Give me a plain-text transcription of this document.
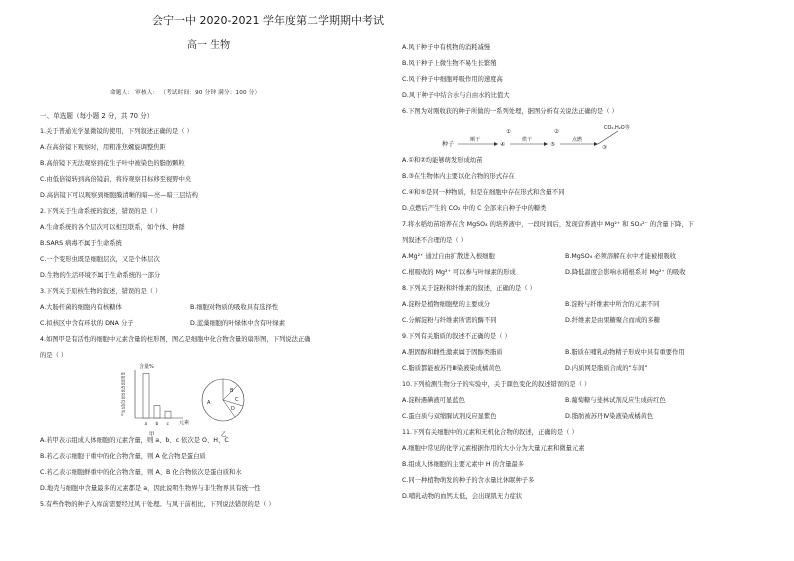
会宁一中 2020-2021 学年度第二学期期中考试
高一 生物
命题人： 审核人： （考试时间：90 分钟 满分：100 分）
一、单选题（每小题 2 分，共 70 分）
1.关于普通光学显微镜的使用，下列叙述正确的是（ ）
A.在高倍镜下观察时，用粗准焦螺旋调整焦距
B.高倍镜下无法观察到花生子叶中被染色的脂肪颗粒
C.由低倍镜转到高倍镜前，将待观察目标移至视野中央
D.高倍镜下可以观察到细胞膜清晰的暗—亮—暗三层结构
2.下列关于生命系统的叙述，错误的是（ ）
A.生命系统的各个层次可以相互联系，如个体、种群
B.SARS 病毒不属于生命系统
C.一个变形虫既是细胞层次，又是个体层次
D.生物的生活环境不属于生命系统的一部分
3.下列关于原核生物的叙述，错误的是（ ）
A.大肠杆菌的细胞内有核糖体	B.细胞对物质的吸收具有选择性
C.拟核区中含有环状的 DNA 分子	D.蓝藻细胞的叶绿体中含有叶绿素
4.如图甲是有活性的细胞中元素含量的柱形图，图乙是细胞中化合物含量的扇形图，下列说法正确
的是（ ）
A.若甲表示组成人体细胞的元素含量，则 a、b、c 依次是 O、H、C
B.若乙表示细胞干重中的化合物含量，则 A 化合物是蛋白质
C.若乙表示细胞鲜重中的化合物含量，则 A、B 化合物依次是蛋白质和水
D.地壳与细胞中含量最多的元素都是 a，因此说明生物界与非生物界具有统一性
5.有些作物的种子入库前需要经过风干处理。与风干前相比，下列说法错误的是（ ）
A.风干种子中有机物的消耗减慢
B.风干种子上微生物不易生长繁殖
C.风干种子中细胞呼吸作用的速度高
D.风干种子中结合水与自由水的比值大
6.下图为对刚收获的种子所做的一系列处理，据图分析有关说法正确的是（ ）
A.①和②均能够萌发形成幼苗
B.③在生物体内主要以化合物的形式存在
C.④和⑤是同一种物质，但是在细胞中存在形式和含量不同
D.点燃后产生的 CO₂ 中的 C 全部来自种子中的糖类
7.将水稻幼苗培养在含 MgSO₄ 的培养液中，一段时间后，发现营养液中 Mg²⁺ 和 SO₄²⁻ 的含量下降，下
列叙述不合理的是（ ）
A.Mg²⁺ 通过自由扩散进入根细胞	B.MgSO₄ 必须溶解在水中才能被根吸收
C.根吸收的 Mg²⁺ 可以参与叶绿素的形成	D.降低温度会影响水稻根系对 Mg²⁺ 的吸收
8.下列关于淀粉和纤维素的叙述，正确的是（ ）
A.淀粉是植物细胞壁的主要成分	B.淀粉与纤维素中所含的元素不同
C.分解淀粉与纤维素所需的酶不同	D.纤维素是由果糖聚合而成的多糖
9.下列有关脂质的叙述不正确的是（ ）
A.胆固醇和雌性激素属于固醇类脂质	B.脂质在哺乳动物精子形成中具有重要作用
C.脂质都能被苏丹Ⅲ染液染成橘黄色	D.内质网是脂质合成的“车间”
10.下列检测生物分子的实验中，关于颜色变化的叙述错误的是（ ）
A.淀粉遇碘液可显蓝色	B.葡萄糖与斐林试剂反应生成砖红色
C.蛋白质与双缩脲试剂反应显紫色	D.脂肪被苏丹Ⅳ染液染成橘黄色
11.下列有关细胞中的元素和无机化合物的叙述，正确的是（ ）
A.细胞中常见的化学元素根据作用的大小分为大量元素和微量元素
B.组成人体细胞的主要元素中 H 的含量最多
C.同一种植物萌发的种子的含水量比休眠种子多
D.哺乳动物的血钙太低，会出现肌无力症状
含量%
65
60
55
50
45
40
35
30
25
20
15
10
5
a b c 元素
甲
A
B
C
D
乙
种子
晒干
①
④
烘干
②
⑤
点燃
CO₂,H₂O等
③
